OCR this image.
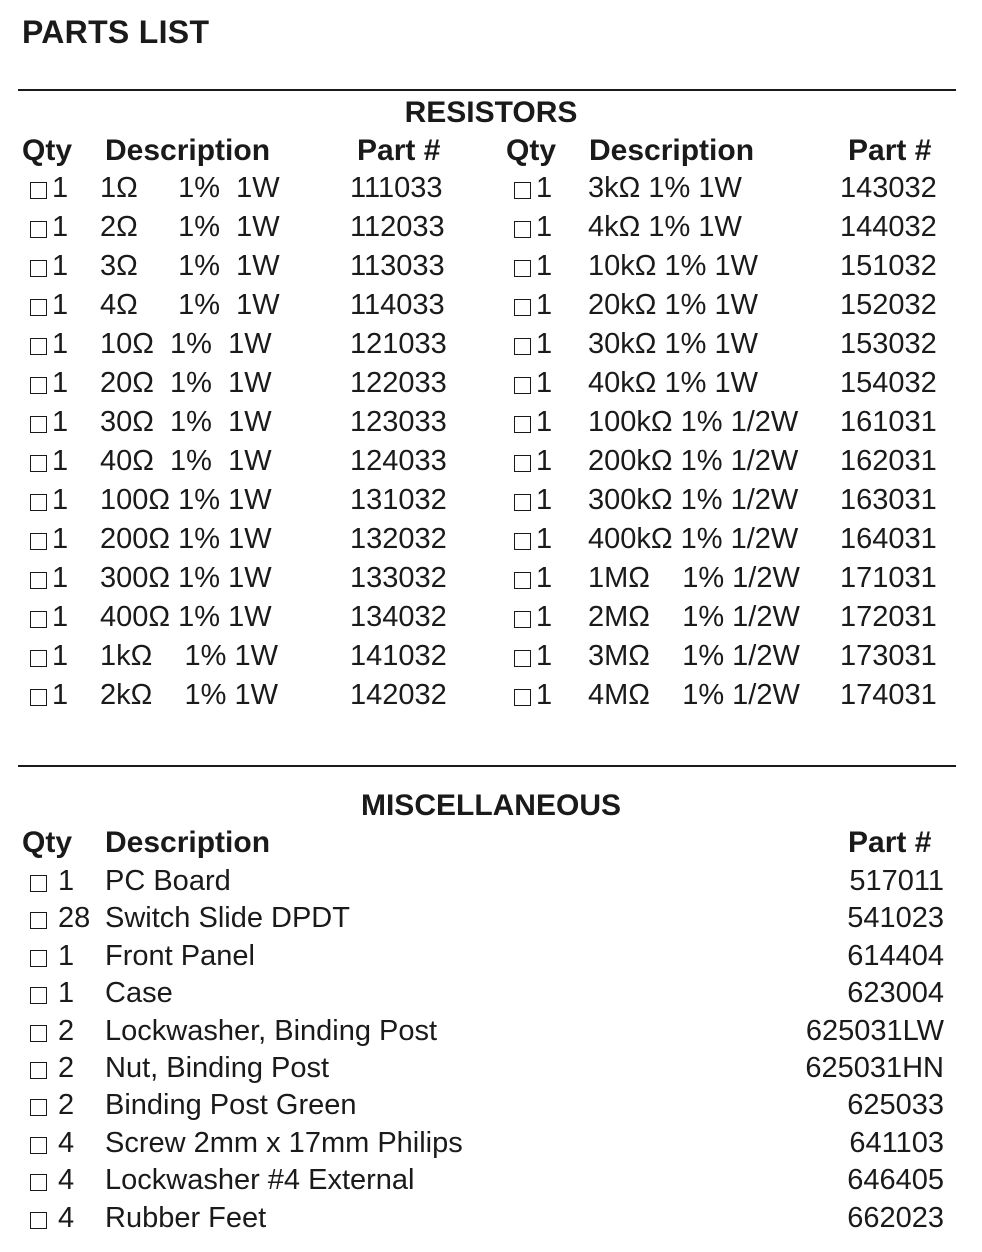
PARTS LIST
RESISTORS
Qty Description	Part # Qty Description	Part #
1 1Ω     1%  1W 111033
1 2Ω     1%  1W 112033
1 3Ω     1%  1W 113033
1 4Ω     1%  1W 114033
1 10Ω  1%  1W	121033
1 20Ω  1%  1W	122033
1 30Ω  1%  1W	123033
1 40Ω  1%  1W	124033
1 100Ω 1% 1W	131032
1 200Ω 1% 1W	132032
1 300Ω 1% 1W	133032
1 400Ω 1% 1W	134032
1 1kΩ    1% 1W 141032
1 2kΩ    1% 1W 142032
1 3kΩ 1% 1W	143032
1 4kΩ 1% 1W	144032
1 10kΩ 1% 1W	151032
1 20kΩ 1% 1W	152032
1 30kΩ 1% 1W	153032
1 40kΩ 1% 1W	154032
1 100kΩ 1% 1/2W 161031
1 200kΩ 1% 1/2W 162031
1 300kΩ 1% 1/2W 163031
1 400kΩ 1% 1/2W 164031
1 1MΩ    1% 1/2W 171031
1 2MΩ    1% 1/2W 172031
1 3MΩ    1% 1/2W 173031
1 4MΩ    1% 1/2W 174031
MISCELLANEOUS
Qty Description	Part #
1 PC Board	517011
28 Switch Slide DPDT	541023
1 Front Panel	614404
1 Case	623004
2 Lockwasher, Binding Post	625031LW
2 Nut, Binding Post	625031HN
2 Binding Post Green	625033
4 Screw 2mm x 17mm Philips	641103
4 Lockwasher #4 External	646405
4 Rubber Feet	662023
